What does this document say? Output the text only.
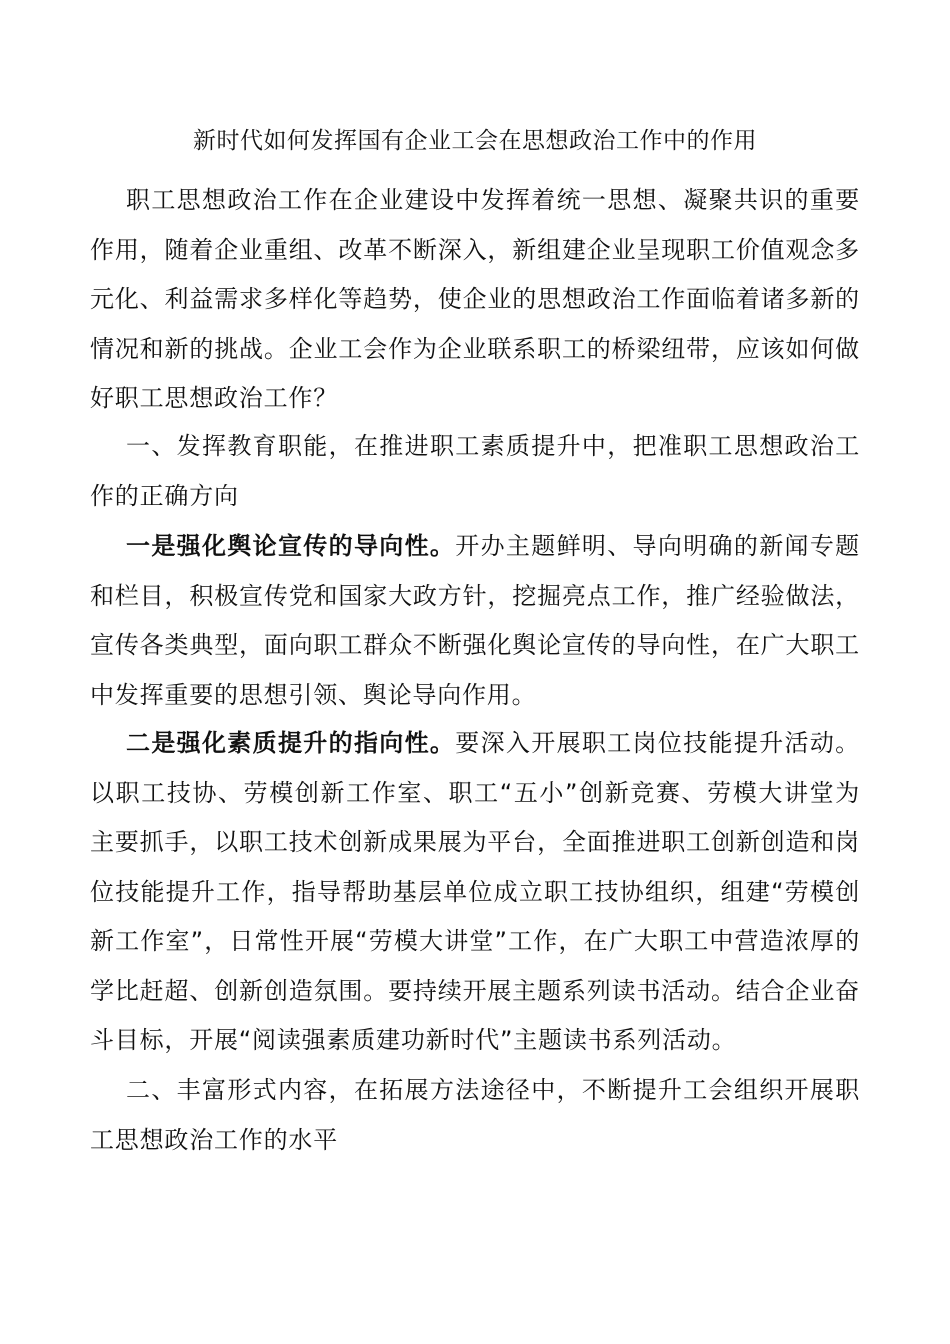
新时代如何发挥国有企业工会在思想政治工作中的作用

职工思想政治工作在企业建设中发挥着统一思想、凝聚共识的重要作用，随着企业重组、改革不断深入，新组建企业呈现职工价值观念多元化、利益需求多样化等趋势，使企业的思想政治工作面临着诸多新的情况和新的挑战。企业工会作为企业联系职工的桥梁纽带，应该如何做好职工思想政治工作？

一、发挥教育职能，在推进职工素质提升中，把准职工思想政治工作的正确方向

一是强化舆论宣传的导向性。开办主题鲜明、导向明确的新闻专题和栏目，积极宣传党和国家大政方针，挖掘亮点工作，推广经验做法，宣传各类典型，面向职工群众不断强化舆论宣传的导向性，在广大职工中发挥重要的思想引领、舆论导向作用。

二是强化素质提升的指向性。要深入开展职工岗位技能提升活动。以职工技协、劳模创新工作室、职工“五小”创新竞赛、劳模大讲堂为主要抓手，以职工技术创新成果展为平台，全面推进职工创新创造和岗位技能提升工作，指导帮助基层单位成立职工技协组织，组建“劳模创新工作室”，日常性开展“劳模大讲堂”工作，在广大职工中营造浓厚的学比赶超、创新创造氛围。要持续开展主题系列读书活动。结合企业奋斗目标，开展“阅读强素质建功新时代”主题读书系列活动。

二、丰富形式内容，在拓展方法途径中，不断提升工会组织开展职工思想政治工作的水平
